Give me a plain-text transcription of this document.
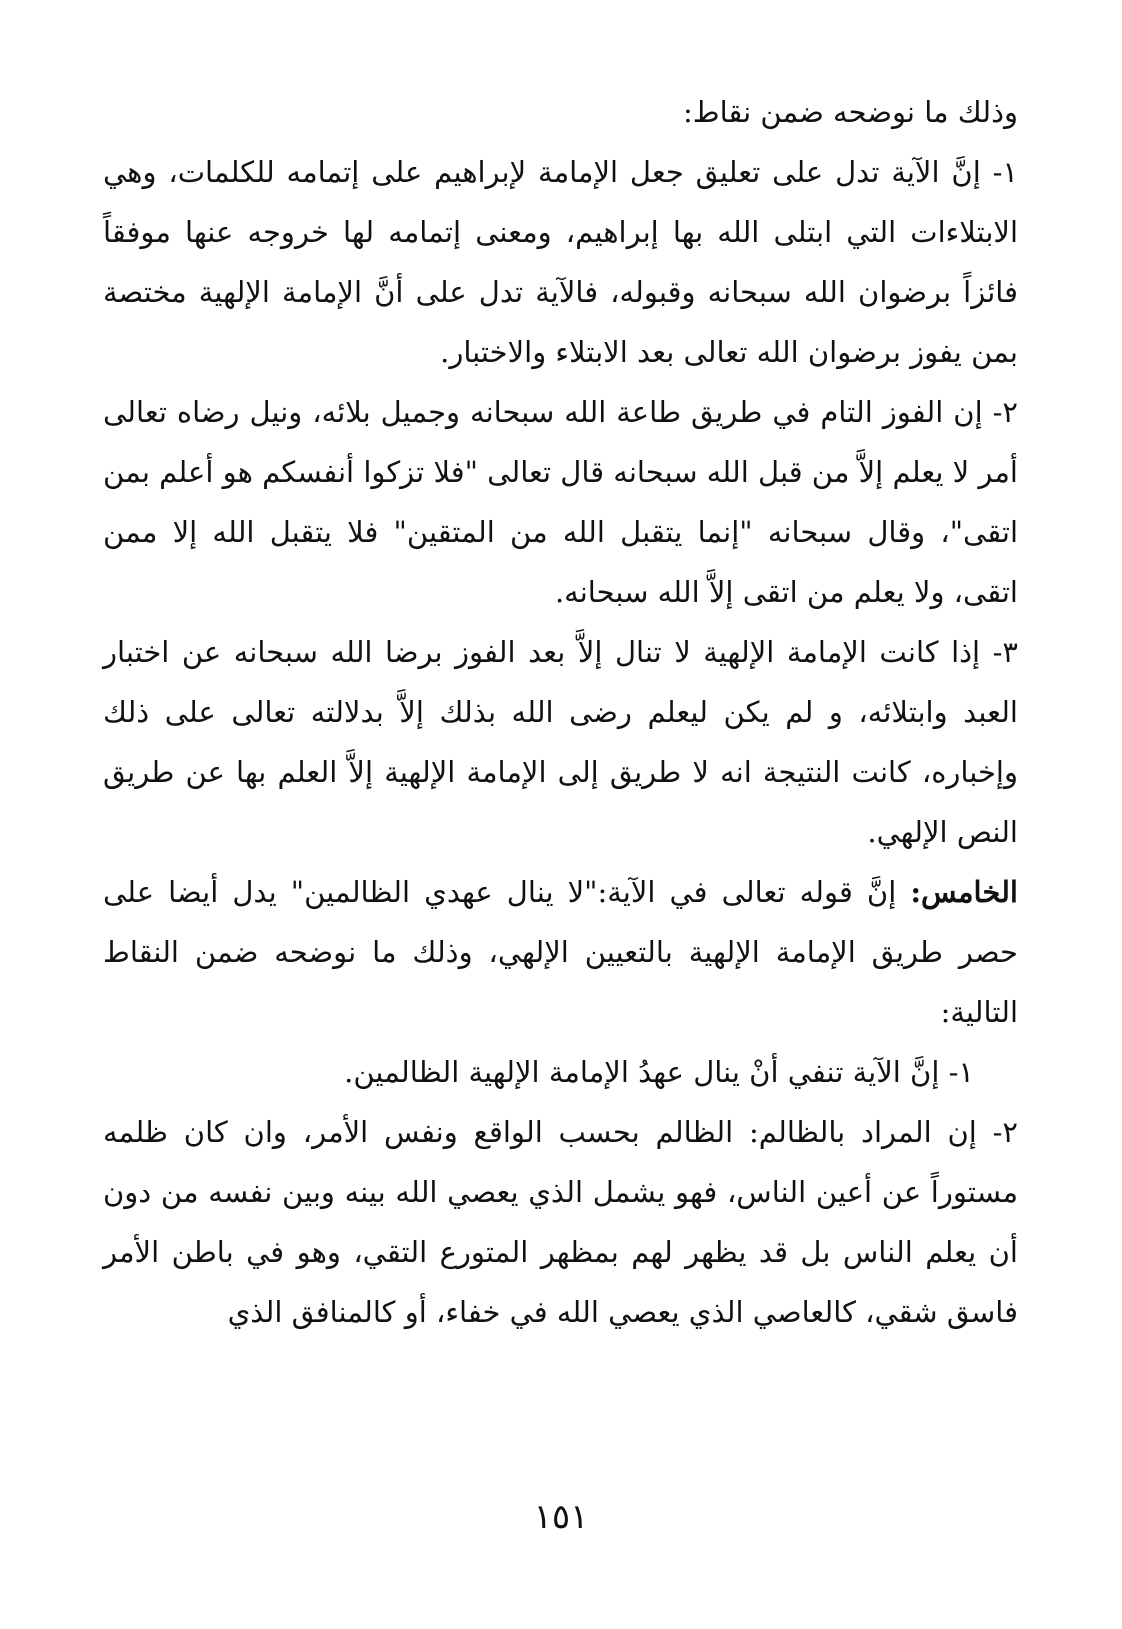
وذلك ما نوضحه ضمن نقاط:

١- إنَّ الآية تدل على تعليق جعل الإمامة لإبراهيم على إتمامه للكلمات، وهي الابتلاءات التي ابتلى الله بها إبراهيم، ومعنى إتمامه لها خروجه عنها موفقاً فائزاً برضوان الله سبحانه وقبوله، فالآية تدل على أنَّ الإمامة الإلهية مختصة بمن يفوز برضوان الله تعالى بعد الابتلاء والاختبار.

٢- إن الفوز التام في طريق طاعة الله سبحانه وجميل بلائه، ونيل رضاه تعالى أمر لا يعلم إلاَّ من قبل الله سبحانه قال تعالى "فلا تزكوا أنفسكم هو أعلم بمن اتقى"، وقال سبحانه "إنما يتقبل الله من المتقين" فلا يتقبل الله إلا ممن اتقى، ولا يعلم من اتقى إلاَّ الله سبحانه.

٣- إذا كانت الإمامة الإلهية لا تنال إلاَّ بعد الفوز برضا الله سبحانه عن اختبار العبد وابتلائه، و لم يكن ليعلم رضى الله بذلك إلاَّ بدلالته تعالى على ذلك وإخباره، كانت النتيجة انه لا طريق إلى الإمامة الإلهية إلاَّ العلم بها عن طريق النص الإلهي.

الخامس: إنَّ قوله تعالى في الآية:"لا ينال عهدي الظالمين" يدل أيضا على حصر طريق الإمامة الإلهية بالتعيين الإلهي، وذلك ما نوضحه ضمن النقاط التالية:

١- إنَّ الآية تنفي أنْ ينال عهدُ الإمامة الإلهية الظالمين.

٢- إن المراد بالظالم: الظالم بحسب الواقع ونفس الأمر، وان كان ظلمه مستوراً عن أعين الناس، فهو يشمل الذي يعصي الله بينه وبين نفسه من دون أن يعلم الناس بل قد يظهر لهم بمظهر المتورع التقي، وهو في باطن الأمر فاسق شقي، كالعاصي الذي يعصي الله في خفاء، أو كالمنافق الذي

١٥١
